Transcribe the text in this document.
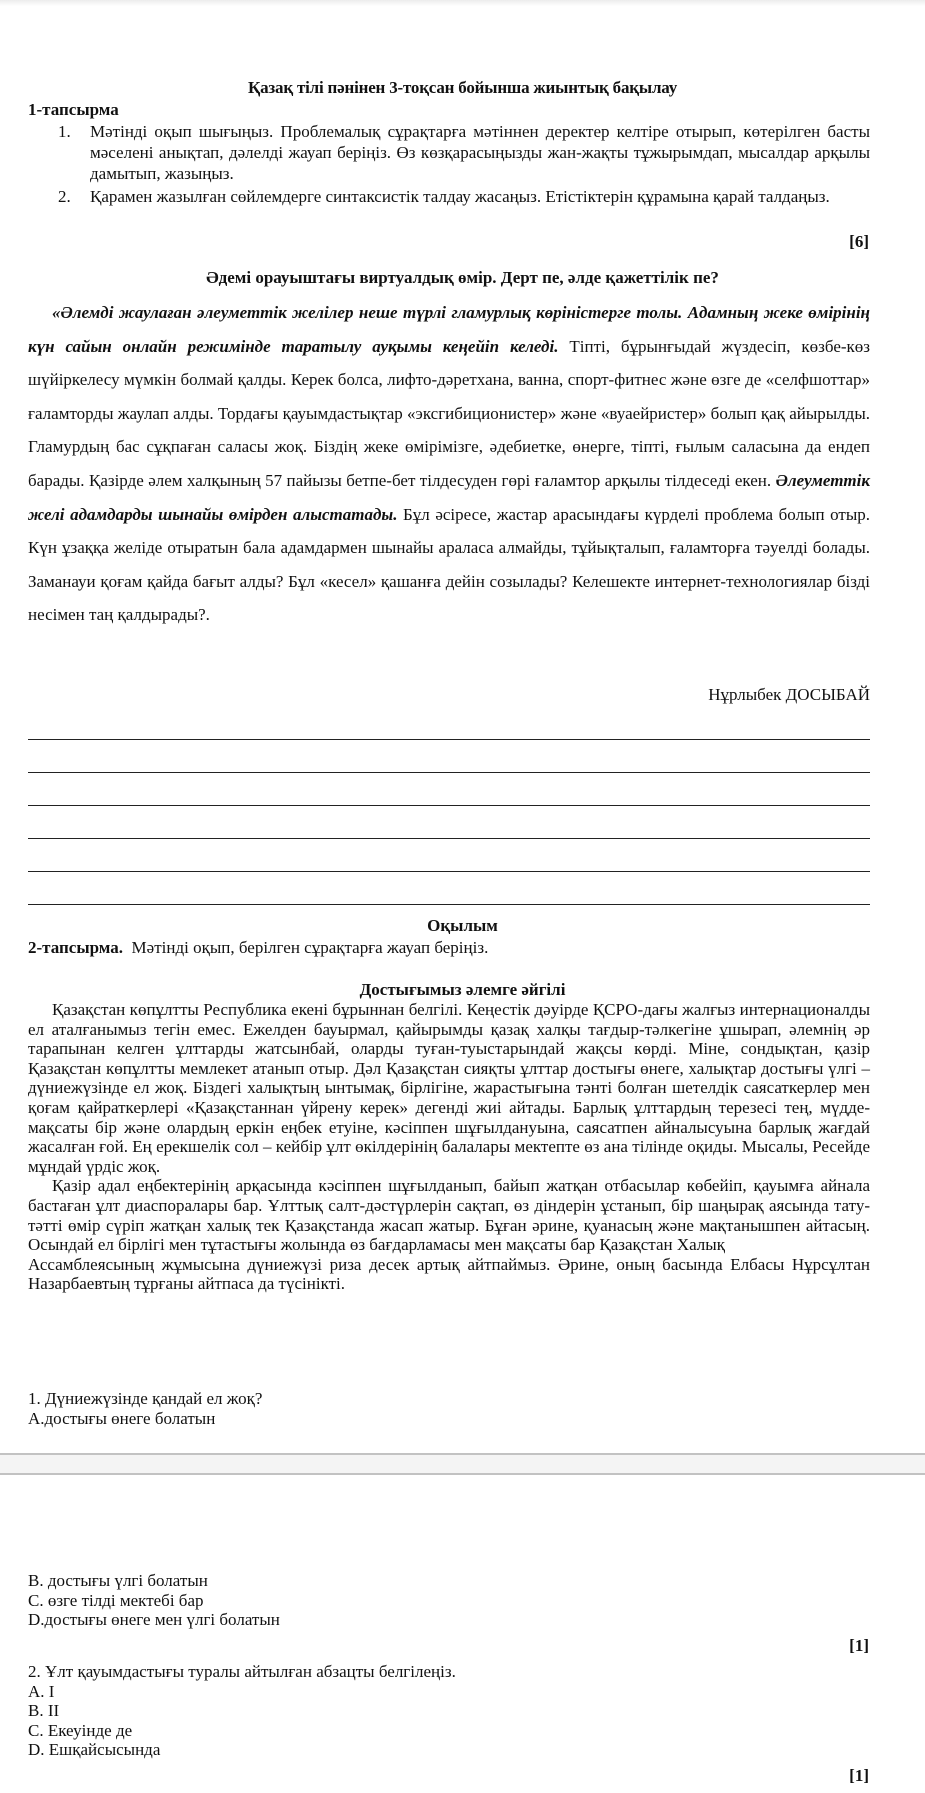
Қазақ тілі пәнінен 3-тоқсан бойынша жиынтық бақылау
1-тапсырма
1. Мәтінді оқып шығыңыз. Проблемалық сұрақтарға мәтіннен деректер келтіре отырып, көтерілген басты мәселені анықтап, дәлелді жауап беріңіз. Өз көзқарасыңызды жан-жақты тұжырымдап, мысалдар арқылы дамытып, жазыңыз.
2. Қарамен жазылған сөйлемдерге синтаксистік талдау жасаңыз. Етістіктерін құрамына қарай талдаңыз.
[6]
Әдемі орауыштағы виртуалдық өмір. Дерт пе, әлде қажеттілік пе?
«Әлемді жаулаған әлеуметтік желілер неше түрлі гламурлық көріністерге толы. Адамның жеке өмірінің күн сайын онлайн режимінде таратылу ауқымы кеңейіп келеді. Тіпті, бұрынғыдай жүздесіп, көзбе-көз шүйіркелесу мүмкін болмай қалды. Керек болса, лифто-дәретхана, ванна, спорт-фитнес және өзге де «селфшоттар» ғаламторды жаулап алды. Тордағы қауымдастықтар «эксгибиционистер» және «вуаейристер» болып қақ айырылды. Гламурдың бас сұқпаған саласы жоқ. Біздің жеке өмірімізге, әдебиетке, өнерге, тіпті, ғылым саласына да ендеп барады. Қазірде әлем халқының 57 пайызы бетпе-бет тілдесуден гөрі ғаламтор арқылы тілдеседі екен. Әлеуметтік желі адамдарды шынайы өмірден алыстатады. Бұл әсіресе, жастар арасындағы күрделі проблема болып отыр. Күн ұзаққа желіде отыратын бала адамдармен шынайы араласа алмайды, тұйықталып, ғаламторға тәуелді болады. Заманауи қоғам қайда бағыт алды? Бұл «кесел» қашанға дейін созылады? Келешекте интернет-технологиялар бізді несімен таң қалдырады?.
Нұрлыбек ДОСЫБАЙ
Оқылым
2-тапсырма.  Мәтінді оқып, берілген сұрақтарға жауап беріңіз.
Достығымыз әлемге әйгілі

Қазақстан көпұлтты Республика екені бұрыннан белгілі. Кеңестік дәуірде ҚСРО-дағы жалғыз интернационалды ел аталғанымыз тегін емес. Ежелден бауырмал, қайырымды қазақ халқы тағдыр-тәлкегіне ұшырап, әлемнің әр тарапынан келген ұлттарды жатсынбай, оларды туған-туыстарындай жақсы көрді. Міне, сондықтан, қазір Қазақстан көпұлтты мемлекет атанып отыр. Дәл Қазақстан сияқты ұлттар достығы өнеге, халықтар достығы үлгі – дүниежүзінде ел жоқ. Біздегі халықтың ынтымақ, бірлігіне, жарастығына тәнті болған шетелдік саясаткерлер мен қоғам қайраткерлері «Қазақстаннан үйрену керек» дегенді жиі айтады. Барлық ұлттардың терезесі тең, мүдде-мақсаты бір және олардың еркін еңбек етуіне, кәсіппен шұғылдануына, саясатпен айналысуына барлық жағдай жасалған ғой. Ең ерекшелік сол – кейбір ұлт өкілдерінің балалары мектепте өз ана тілінде оқиды. Мысалы, Ресейде мұндай үрдіс жоқ.

Қазір адал еңбектерінің арқасында кәсіппен шұғылданып, байып жатқан отбасылар көбейіп, қауымға айнала бастаған ұлт диаспоралары бар. Ұлттық салт-дәстүрлерін сақтап, өз діндерін ұстанып, бір шаңырақ аясында тату-тәтті өмір сүріп жатқан халық тек Қазақстанда жасап жатыр. Бұған әрине, қуанасың және мақтанышпен айтасың. Осындай ел бірлігі мен тұтастығы жолында өз бағдарламасы мен мақсаты бар Қазақстан Халық

Ассамблеясының жұмысына дүниежүзі риза десек артық айтпаймыз. Әрине, оның басында Елбасы Нұрсұлтан Назарбаевтың тұрғаны айтпаса да түсінікті.

1. Дүниежүзінде қандай ел жоқ?
А.достығы өнеге болатын
В. достығы үлгі болатын
С. өзге тілді мектебі бар
D.достығы өнеге мен үлгі болатын
[1]
2. Ұлт қауымдастығы туралы айтылған абзацты белгілеңіз.
А. І
В. ІІ
С. Екеуінде де
D. Ешқайсысында
[1]
